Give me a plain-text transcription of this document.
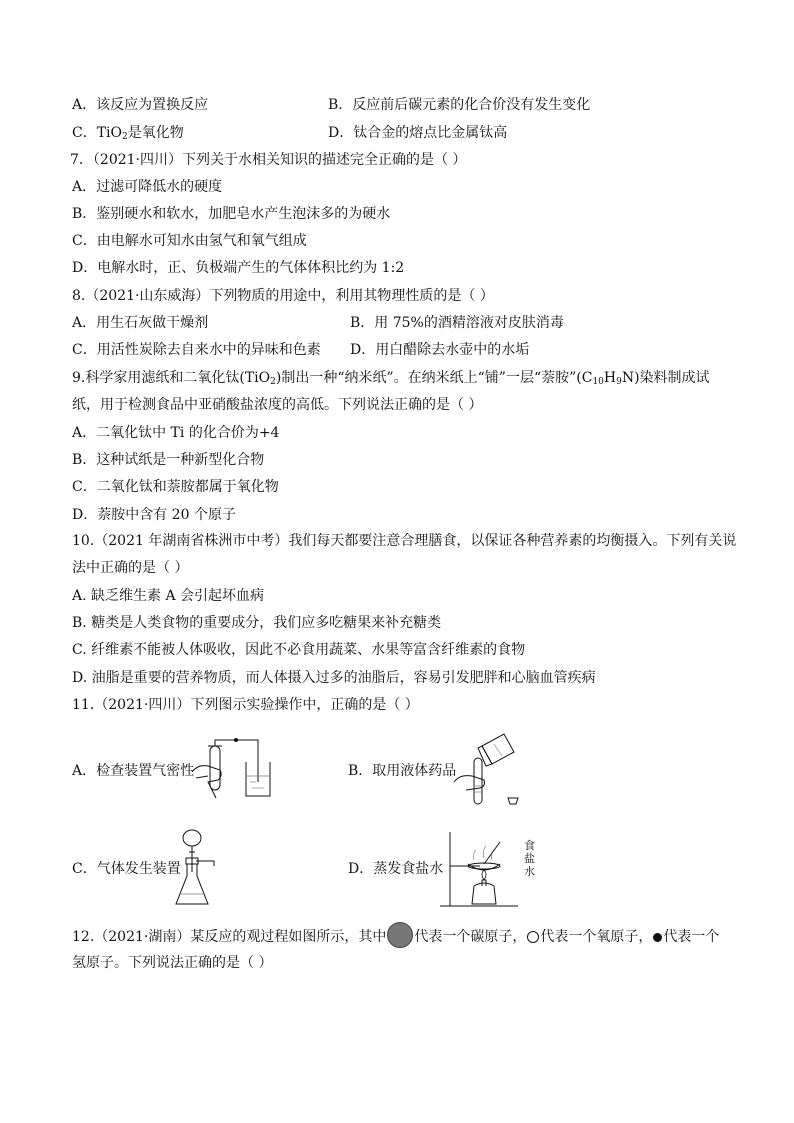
A．该反应为置换反应	B．反应前后碳元素的化合价没有发生变化
C．TiO$_2$是氧化物	D．钛合金的熔点比金属钛高
7．（2021·四川）下列关于水相关知识的描述完全正确的是（ ）
A．过滤可降低水的硬度
B．鉴别硬水和软水，加肥皂水产生泡沫多的为硬水
C．由电解水可知水由氢气和氧气组成
D．电解水时，正、负极端产生的气体体积比约为 1:2
8.（2021·山东威海）下列物质的用途中，利用其物理性质的是（ ）
A．用生石灰做干燥剂	B．用 75%的酒精溶液对皮肤消毒
C．用活性炭除去自来水中的异味和色素 D．用白醋除去水壶中的水垢
9.科学家用滤纸和二氧化钛(TiO$_2$)制出一种“纳米纸”。在纳米纸上“铺”一层“萘胺$”(C_{10}H_9N)$染料制成试
纸，用于检测食品中亚硝酸盐浓度的高低。下列说法正确的是（ ）
A．二氧化钛中 Ti 的化合价为+4
B．这种试纸是一种新型化合物
C．二氧化钛和萘胺都属于氧化物
D．萘胺中含有 20 个原子
10.（2021 年湖南省株洲市中考）我们每天都要注意合理膳食，以保证各种营养素的均衡摄入。下列有关说
法中正确的是（ ）
A. 缺乏维生素 A 会引起坏血病
B. 糖类是人类食物的重要成分，我们应多吃糖果来补充糖类
C. 纤维素不能被人体吸收，因此不必食用蔬菜、水果等富含纤维素的食物
D. 油脂是重要的营养物质，而人体摄入过多的油脂后，容易引发肥胖和心脑血管疾病
11.（2021·四川）下列图示实验操作中，正确的是（ ）
A．检查装置气密性	B．取用液体药品
C．气体发生装置	D．蒸发食盐水
食
盐
水
12.（2021·湖南）某反应的观过程如图所示，其中 代表一个碳原子， 代表一个氧原子， 代表一个
氢原子。下列说法正确的是（ ）
